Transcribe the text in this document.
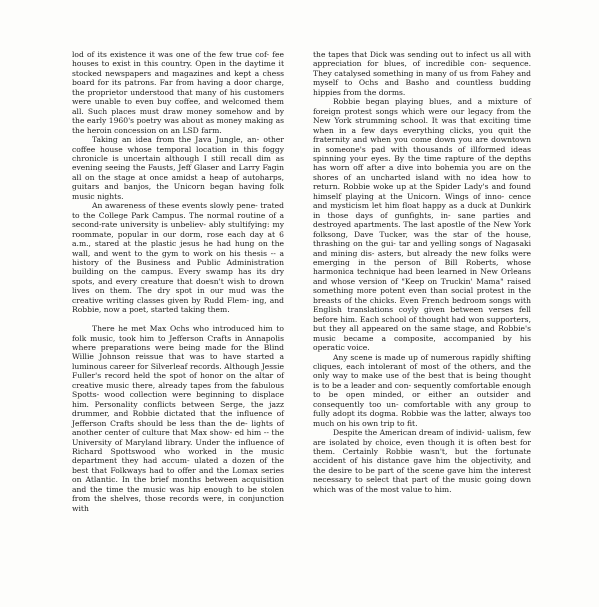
lod of its existence it was one of the few true cof- fee houses to exist in this country. Open in the daytime it stocked newspapers and magazines and kept a chess board for its patrons. Far from having a door charge, the proprietor understood that many of his customers were unable to even buy coffee, and welcomed them all. Such places must draw money somehow and by the early 1960's poetry was about as money making as the heroin concession on an LSD farm.

Taking an idea from the Java Jungle, an- other coffee house whose temporal location in this foggy chronicle is uncertain although I still recall dim as evening seeing the Fausts, Jeff Glaser and Larry Fagin all on the stage at once amidst a heap of autoharps, guitars and banjos, the Unicorn began having folk music nights.

An awareness of these events slowly pene- trated to the College Park Campus. The normal routine of a second-rate university is unbeliev- ably stultifying: my roommate, popular in our dorm, rose each day at 6 a.m., stared at the plastic jesus he had hung on the wall, and went to the gym to work on his thesis -- a history of the Business and Public Administration building on the campus. Every swamp has its dry spots, and every creature that doesn't wish to drown lives on them. The dry spot in our mud was the creative writing classes given by Rudd Flem- ing, and Robbie, now a poet, started taking them.

There he met Max Ochs who introduced him to folk music, took him to Jefferson Crafts in Annapolis where preparations were being made for the Blind Willie Johnson reissue that was to have started a luminous career for Silverleaf records. Although Jessie Fuller's record held the spot of honor on the altar of creative music there, already tapes from the fabulous Spotts- wood collection were beginning to displace him. Personality conflicts between Serge, the jazz drummer, and Robbie dictated that the influence of Jefferson Crafts should be less than the de- lights of another center of culture that Max show- ed him -- the University of Maryland library. Under the influence of Richard Spottswood who worked in the music department they had accum- ulated a dozen of the best that Folkways had to offer and the Lomax series on Atlantic. In the brief months between acquisition and the time the music was hip enough to be stolen from the shelves, those records were, in conjunction with

the tapes that Dick was sending out to infect us all with appreciation for blues, of incredible con- sequence. They catalysed something in many of us from Fahey and myself to Ochs and Basho and countless budding hippies from the dorms.

Robbie began playing blues, and a mixture of foreign protest songs which were our legacy from the New York strumming school. It was that exciting time when in a few days everything clicks, you quit the fraternity and when you come down you are downtown in someone's pad with thousands of illformed ideas spinning your eyes. By the time rapture of the depths has worn off after a dive into bohemia you are on the shores of an uncharted island with no idea how to return. Robbie woke up at the Spider Lady's and found himself playing at the Unicorn. Wings of inno- cence and mysticism let him float happy as a duck at Dunkirk in those days of gunfights, in- sane parties and destroyed apartments. The last apostle of the New York folksong, Dave Tucker, was the star of the house, thrashing on the gui- tar and yelling songs of Nagasaki and mining dis- asters, but already the new folks were emerging in the person of Bill Roberts, whose harmonica technique had been learned in New Orleans and whose version of "Keep on Truckin' Mama" raised something more potent even than social protest in the breasts of the chicks. Even French bedroom songs with English translations coyly given between verses fell before him. Each school of thought had won supporters, but they all appeared on the same stage, and Robbie's music became a composite, accompanied by his operatic voice.

Any scene is made up of numerous rapidly shifting cliques, each intolerant of most of the others, and the only way to make use of the best that is being thought is to be a leader and con- sequently comfortable enough to be open minded, or either an outsider and consequently too un- comfortable with any group to fully adopt its dogma. Robbie was the latter, always too much on his own trip to fit.

Despite the American dream of individ- ualism, few are isolated by choice, even though it is often best for them. Certainly Robbie wasn't, but the fortunate accident of his distance gave him the objectivity, and the desire to be part of the scene gave him the interest necessary to select that part of the music going down which was of the most value to him.
